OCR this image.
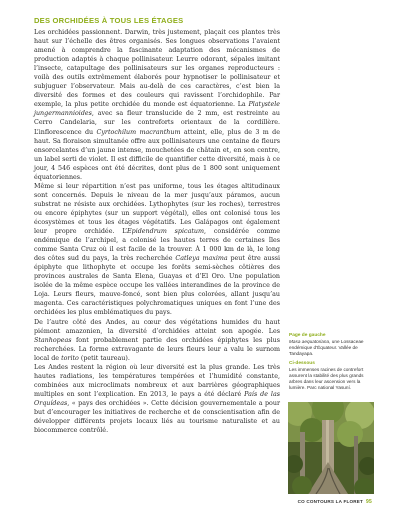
DES ORCHIDÉES À TOUS LES ÉTAGES

Les orchidées passionnent. Darwin, très justement, plaçait ces plantes très haut sur l’échelle des êtres organisés. Ses longues observations l’avaient amené à comprendre la fascinante adaptation des mécanismes de production adaptés à chaque pollinisateur. Leurre odorant, sépales imitant l’insecte, catapultage des pollinisateurs sur les organes reproducteurs : voilà des outils extrêmement élaborés pour hypnotiser le pollinisateur et subjuguer l’observateur. Mais au-delà de ces caractères, c’est bien la diversité des formes et des couleurs qui ravissent l’orchidophile. Par exemple, la plus petite orchidée du monde est équatorienne. La Platystele jungermannioides, avec sa fleur translucide de 2 mm, est restreinte au Cerro Candelaria, sur les contreforts orientaux de la cordillère. L’inflorescence du Cyrtochilum macranthum atteint, elle, plus de 3 m de haut. Sa floraison simultanée offre aux pollinisateurs une centaine de fleurs ensorcelantes d’un jaune intense, mouchetées de châtain et, en son centre, un label serti de violet. Il est difficile de quantifier cette diversité, mais à ce jour, 4 546 espèces ont été décrites, dont plus de 1 800 sont uniquement équatoriennes.

Même si leur répartition n’est pas uniforme, tous les étages altitudinaux sont concernés. Depuis le niveau de la mer jusqu’aux páramos, aucun substrat ne résiste aux orchidées. Lythophytes (sur les roches), terrestres ou encore épiphytes (sur un support végétal), elles ont colonisé tous les écosystèmes et tous les étages végétatifs. Les Galápagos ont également leur propre orchidée. L’Epidendrum spicatum, considérée comme endémique de l’archipel, a colonisé les hautes terres de certaines îles comme Santa Cruz où il est facile de la trouver. À 1 000 km de là, le long des côtes sud du pays, la très recherchée Catleya maxima peut être aussi épiphyte que lithophyte et occupe les forêts semi-sèches côtières des provinces australes de Santa Elena, Guayas et d’El Oro. Une population isolée de la même espèce occupe les vallées interandines de la province de Loja. Leurs fleurs, mauve-foncé, sont bien plus colorées, allant jusqu’au magenta. Ces caractéristiques polychromatiques uniques en font l’une des orchidées les plus emblématiques du pays.

De l’autre côté des Andes, au cœur des végétations humides du haut piémont amazonien, la diversité d’orchidées atteint son apogée. Les Stanhopeas font probablement partie des orchidées épiphytes les plus recherchées. La forme extravagante de leurs fleurs leur a valu le surnom local de torito (petit taureau).

Les Andes restent la région où leur diversité est la plus grande. Les très hautes radiations, les températures tempérées et l’humidité constante, combinées aux microclimats nombreux et aux barrières géographiques multiples en sont l’explication. En 2013, le pays a été déclaré País de las Orquídeas, « pays des orchidées ». Cette décision gouvernementale a pour but d’encourager les initiatives de recherche et de conscientisation afin de développer différents projets locaux liés au tourisme naturaliste et au biocommerce contrôlé.

Page de gauche

Masa aequatoriana, une Lossaceae endémique d’Équateur. Vallée de Tandayapa.

Ci-dessous

Les immenses racines de contrefort assurent la stabilité des plus grands arbres dans leur ascension vers la lumière. Parc national Yasuní.

CO CONTOURS LA FLORET 95
